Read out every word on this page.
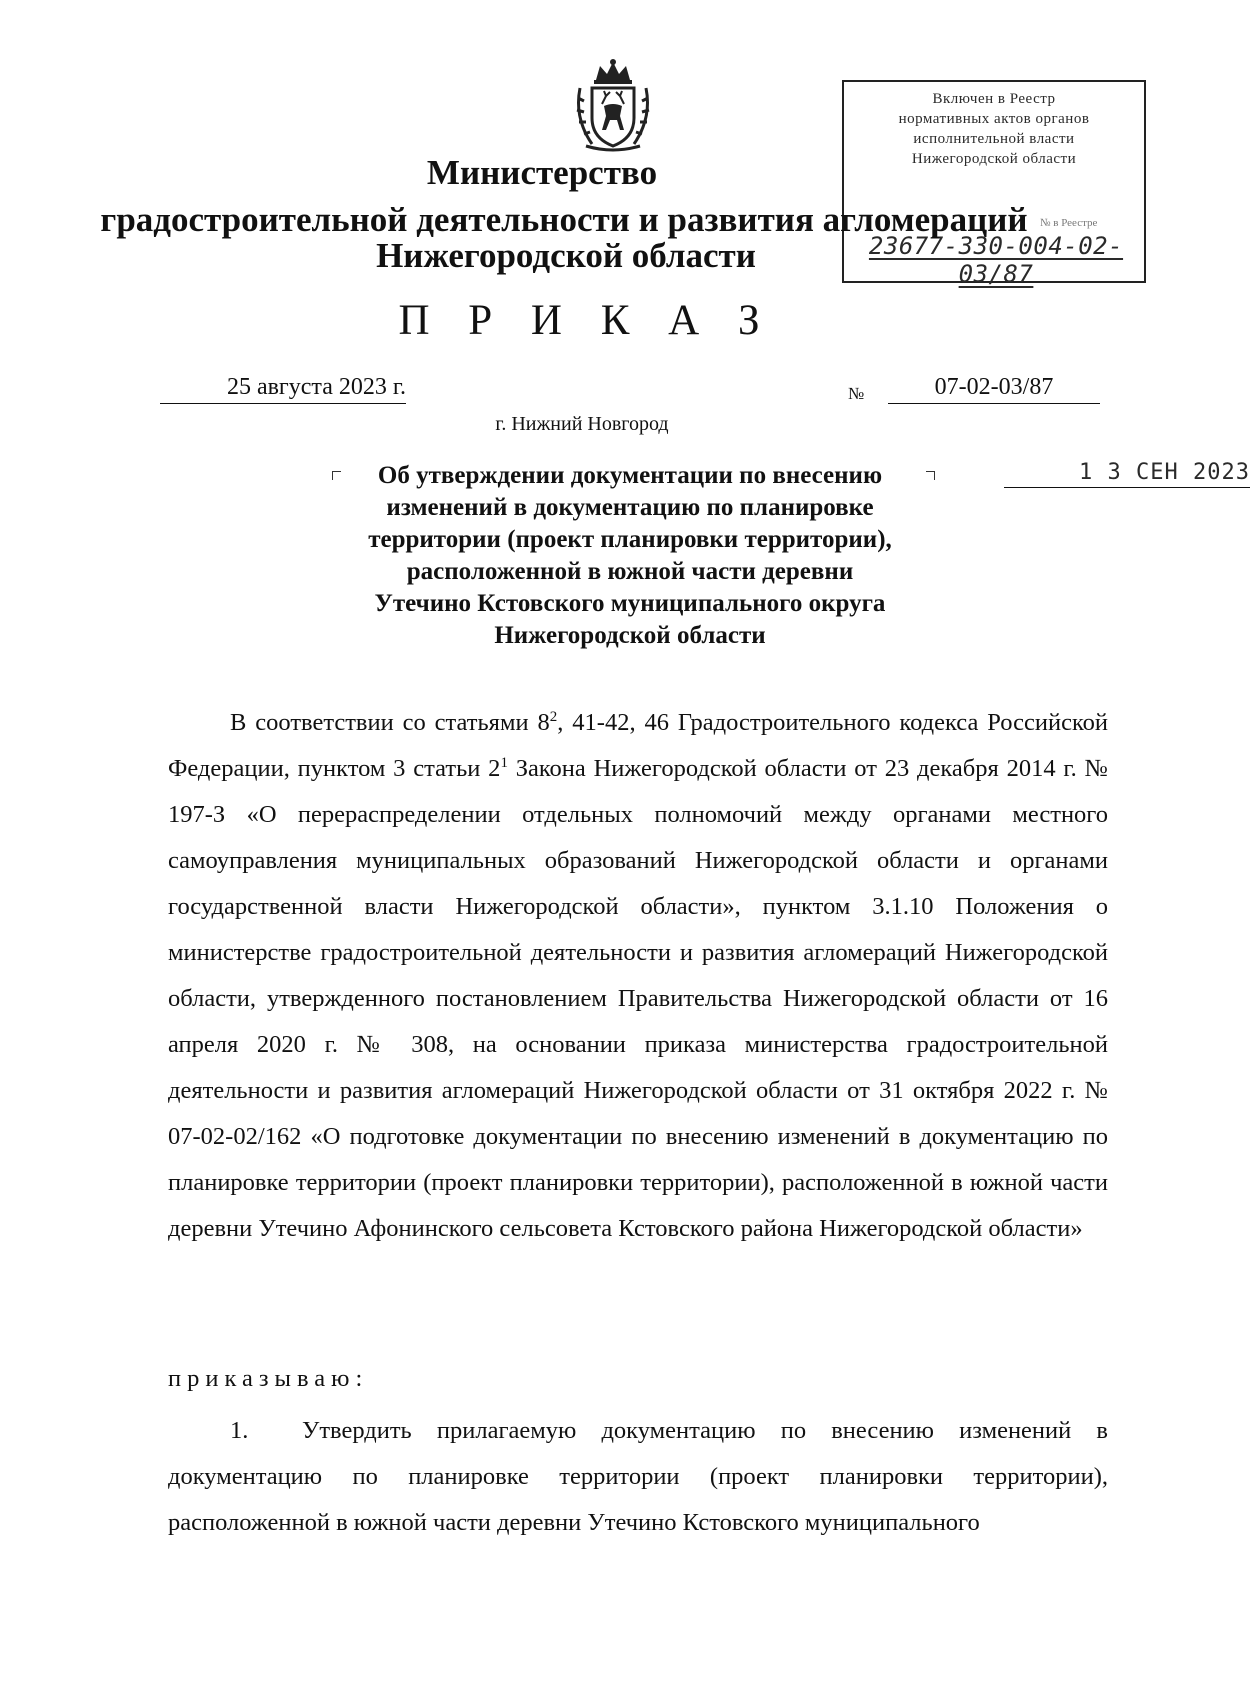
Включен в Реестр
нормативных актов органов
исполнительной власти
Нижегородской области
1 3 СЕН 2023
№ в Реестре
23677-330-004-02-03/87
Министерство
градостроительной деятельности и развития агломераций
Нижегородской области
П Р И К А З
25 августа 2023 г.	№	07-02-03/87
г. Нижний Новгород
Об утверждении документации по внесению
изменений в документацию по планировке
территории (проект планировки территории),
расположенной в южной части деревни
Утечино Кстовского муниципального округа
Нижегородской области
В соответствии со статьями $8^2$, 41-42, 46 Градостроительного кодекса Российской Федерации, пунктом 3 статьи $2^1$ Закона Нижегородской области от 23 декабря 2014 г. № 197-З «О перераспределении отдельных полномочий между органами местного самоуправления муниципальных образований Нижегородской области и органами государственной власти Нижегородской области», пунктом 3.1.10 Положения о министерстве градостроительной деятельности и развития агломераций Нижегородской области, утвержденного постановлением Правительства Нижегородской области от 16 апреля 2020 г. № 308, на основании приказа министерства градостроительной деятельности и развития агломераций Нижегородской области от 31 октября 2022 г. № 07-02-02/162 «О подготовке документации по внесению изменений в документацию по планировке территории (проект планировки территории), расположенной в южной части деревни Утечино Афонинского сельсовета Кстовского района Нижегородской области»
приказываю:
1. Утвердить прилагаемую документацию по внесению изменений в документацию по планировке территории (проект планировки территории), расположенной в южной части деревни Утечино Кстовского муниципального
